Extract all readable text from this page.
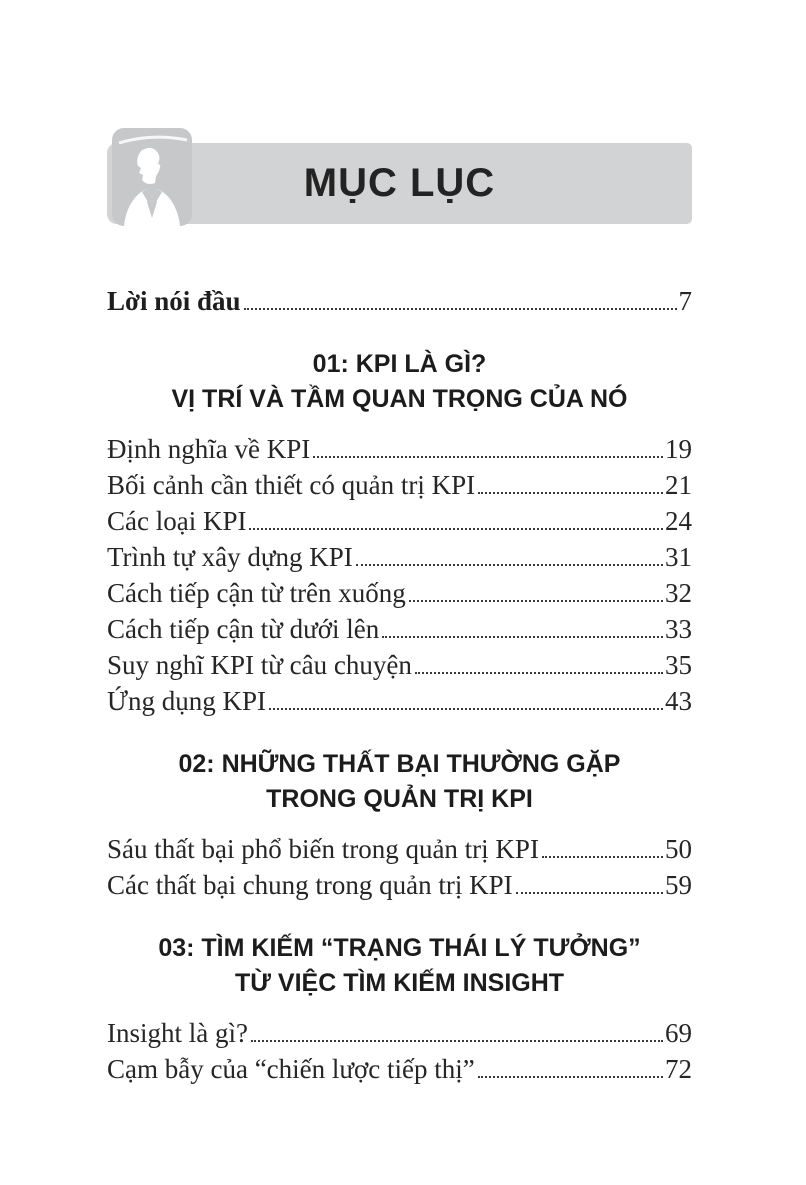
MỤC LỤC
Lời nói đầu	7
01: KPI LÀ GÌ?
VỊ TRÍ VÀ TẦM QUAN TRỌNG CỦA NÓ
Định nghĩa về KPI	19
Bối cảnh cần thiết có quản trị KPI	21
Các loại KPI	24
Trình tự xây dựng KPI	31
Cách tiếp cận từ trên xuống	32
Cách tiếp cận từ dưới lên	33
Suy nghĩ KPI từ câu chuyện	35
Ứng dụng KPI	43
02: NHỮNG THẤT BẠI THƯỜNG GẶP
TRONG QUẢN TRỊ KPI
Sáu thất bại phổ biến trong quản trị KPI	50
Các thất bại chung trong quản trị KPI	59
03: TÌM KIẾM “TRẠNG THÁI LÝ TƯỞNG”
TỪ VIỆC TÌM KIẾM INSIGHT
Insight là gì?	69
Cạm bẫy của “chiến lược tiếp thị”	72
